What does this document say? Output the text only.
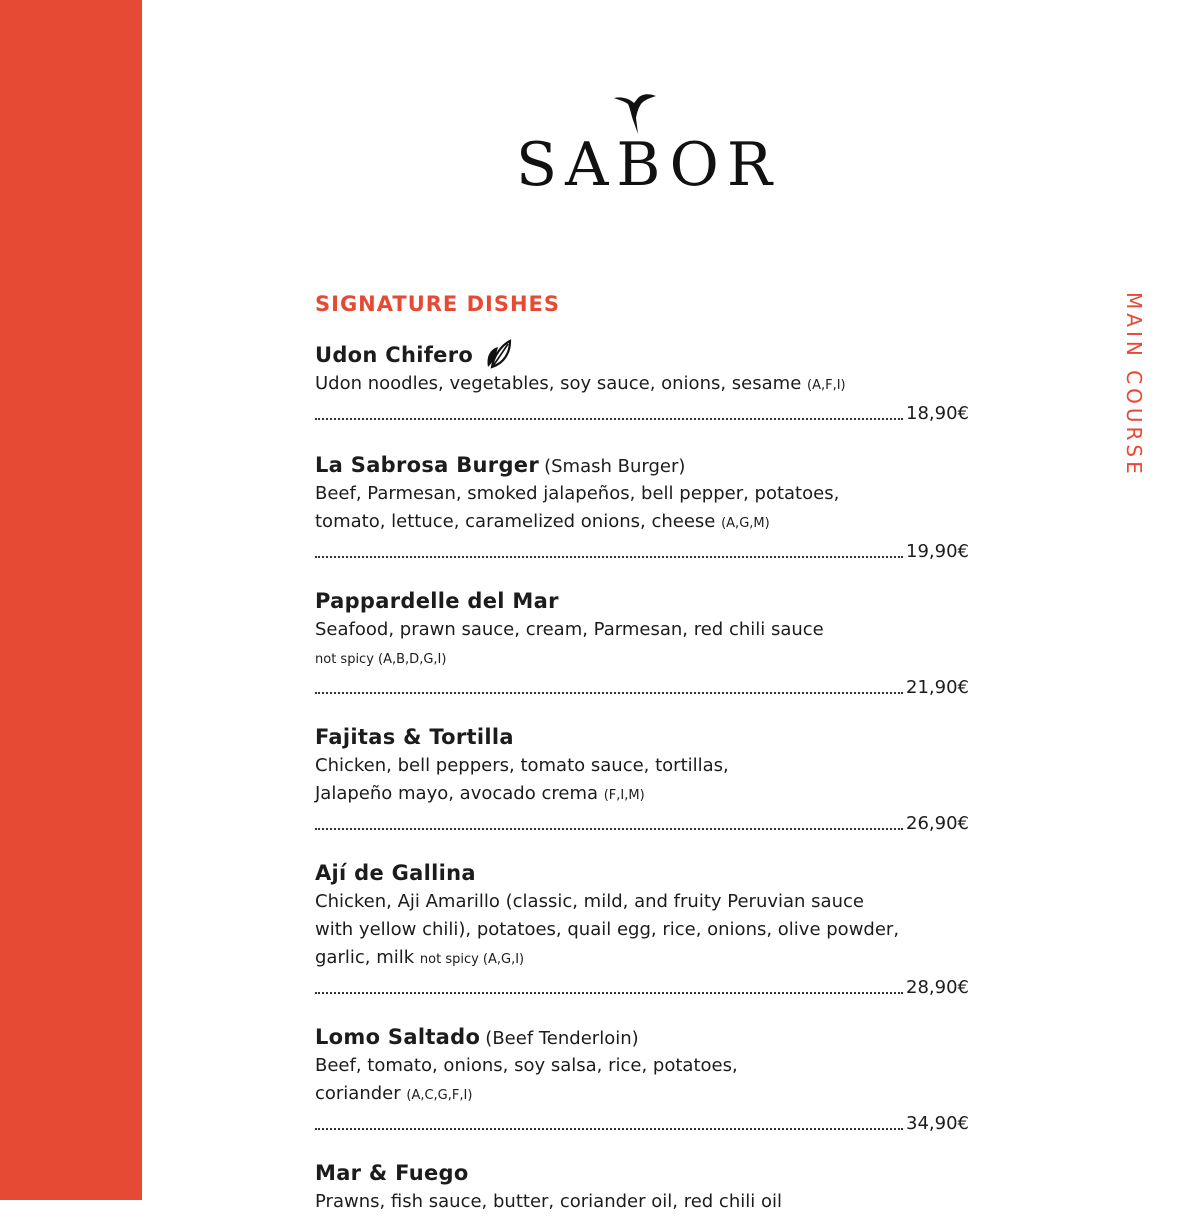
SABOR
MAIN COURSE
SIGNATURE DISHES
Udon Chifero
Udon noodles, vegetables, soy sauce, onions, sesame (A,F,I)
18,90€
La Sabrosa Burger (Smash Burger)
Beef, Parmesan, smoked jalapeños, bell pepper, potatoes,
tomato, lettuce, caramelized onions, cheese (A,G,M)
19,90€
Pappardelle del Mar
Seafood, prawn sauce, cream, Parmesan, red chili sauce
not spicy (A,B,D,G,I)
21,90€
Fajitas & Tortilla
Chicken, bell peppers, tomato sauce, tortillas,
Jalapeño mayo, avocado crema (F,I,M)
26,90€
Ají de Gallina
Chicken, Aji Amarillo (classic, mild, and fruity Peruvian sauce
with yellow chili), potatoes, quail egg, rice, onions, olive powder,
garlic, milk not spicy (A,G,I)
28,90€
Lomo Saltado (Beef Tenderloin)
Beef, tomato, onions, soy salsa, rice, potatoes,
coriander (A,C,G,F,I)
34,90€
Mar & Fuego
Prawns, fish sauce, butter, coriander oil, red chili oil
